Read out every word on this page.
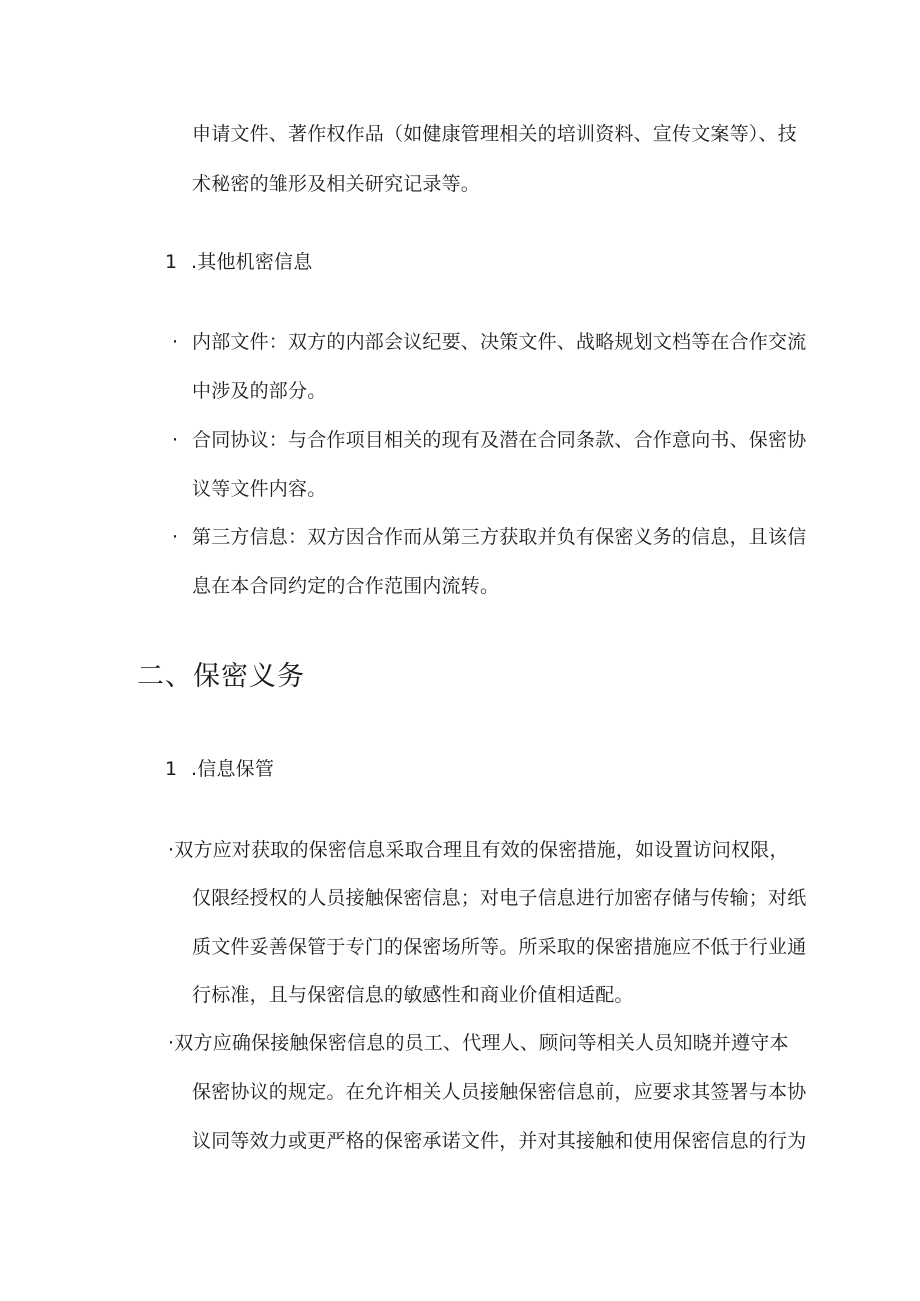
申请文件、著作权作品（如健康管理相关的培训资料、宣传文案等）、技
术秘密的雏形及相关研究记录等。
1 .其他机密信息
· 内部文件：双方的内部会议纪要、决策文件、战略规划文档等在合作交流
中涉及的部分。
· 合同协议：与合作项目相关的现有及潜在合同条款、合作意向书、保密协
议等文件内容。
· 第三方信息：双方因合作而从第三方获取并负有保密义务的信息，且该信
息在本合同约定的合作范围内流转。
二、保密义务
1 .信息保管
·双方应对获取的保密信息采取合理且有效的保密措施，如设置访问权限，
仅限经授权的人员接触保密信息；对电子信息进行加密存储与传输；对纸
质文件妥善保管于专门的保密场所等。所采取的保密措施应不低于行业通
行标准，且与保密信息的敏感性和商业价值相适配。
·双方应确保接触保密信息的员工、代理人、顾问等相关人员知晓并遵守本
保密协议的规定。在允许相关人员接触保密信息前，应要求其签署与本协
议同等效力或更严格的保密承诺文件，并对其接触和使用保密信息的行为
